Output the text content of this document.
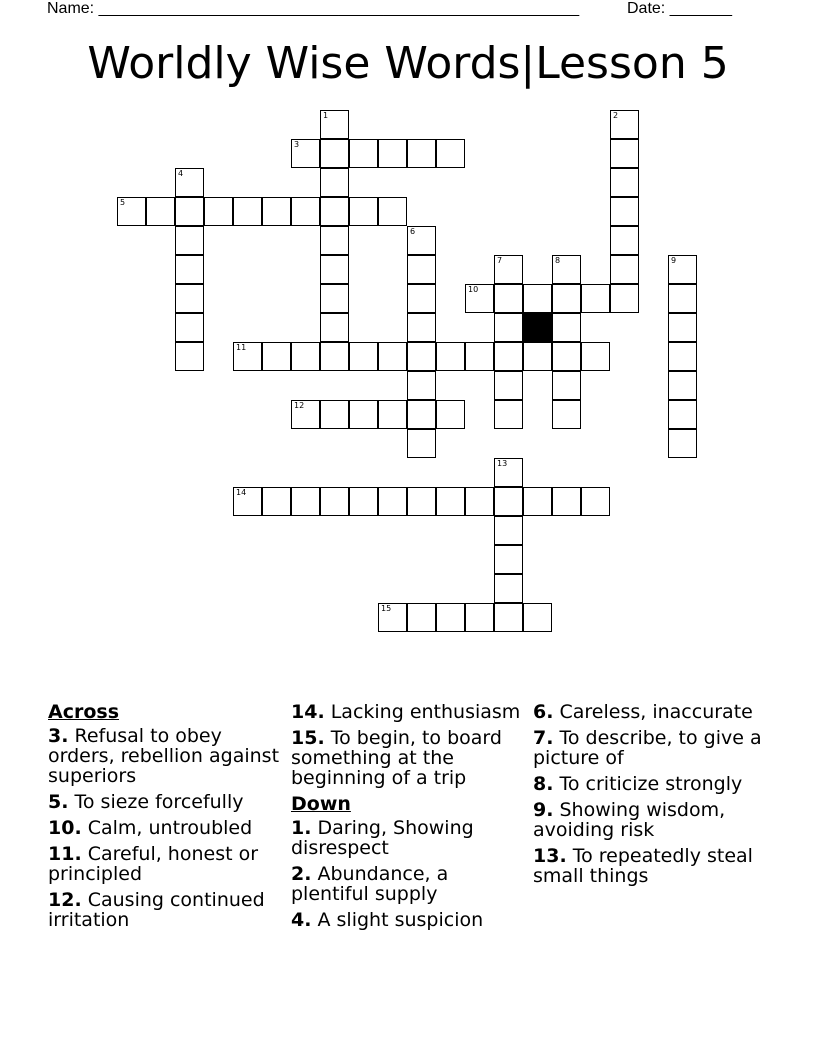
Name: ______________________________________________________	Date: _______
Worldly Wise Words|Lesson 5
1	2
3
4
5
6
7	8	9
10
11
12
13
14
15
Across
3. Refusal to obey orders, rebellion against superiors
5. To sieze forcefully
10. Calm, untroubled
11. Careful, honest or principled
12. Causing continued irritation
14. Lacking enthusiasm
15. To begin, to board something at the beginning of a trip
Down
1. Daring, Showing disrespect
2. Abundance, a plentiful supply
4. A slight suspicion
6. Careless, inaccurate
7. To describe, to give a picture of
8. To criticize strongly
9. Showing wisdom, avoiding risk
13. To repeatedly steal small things
